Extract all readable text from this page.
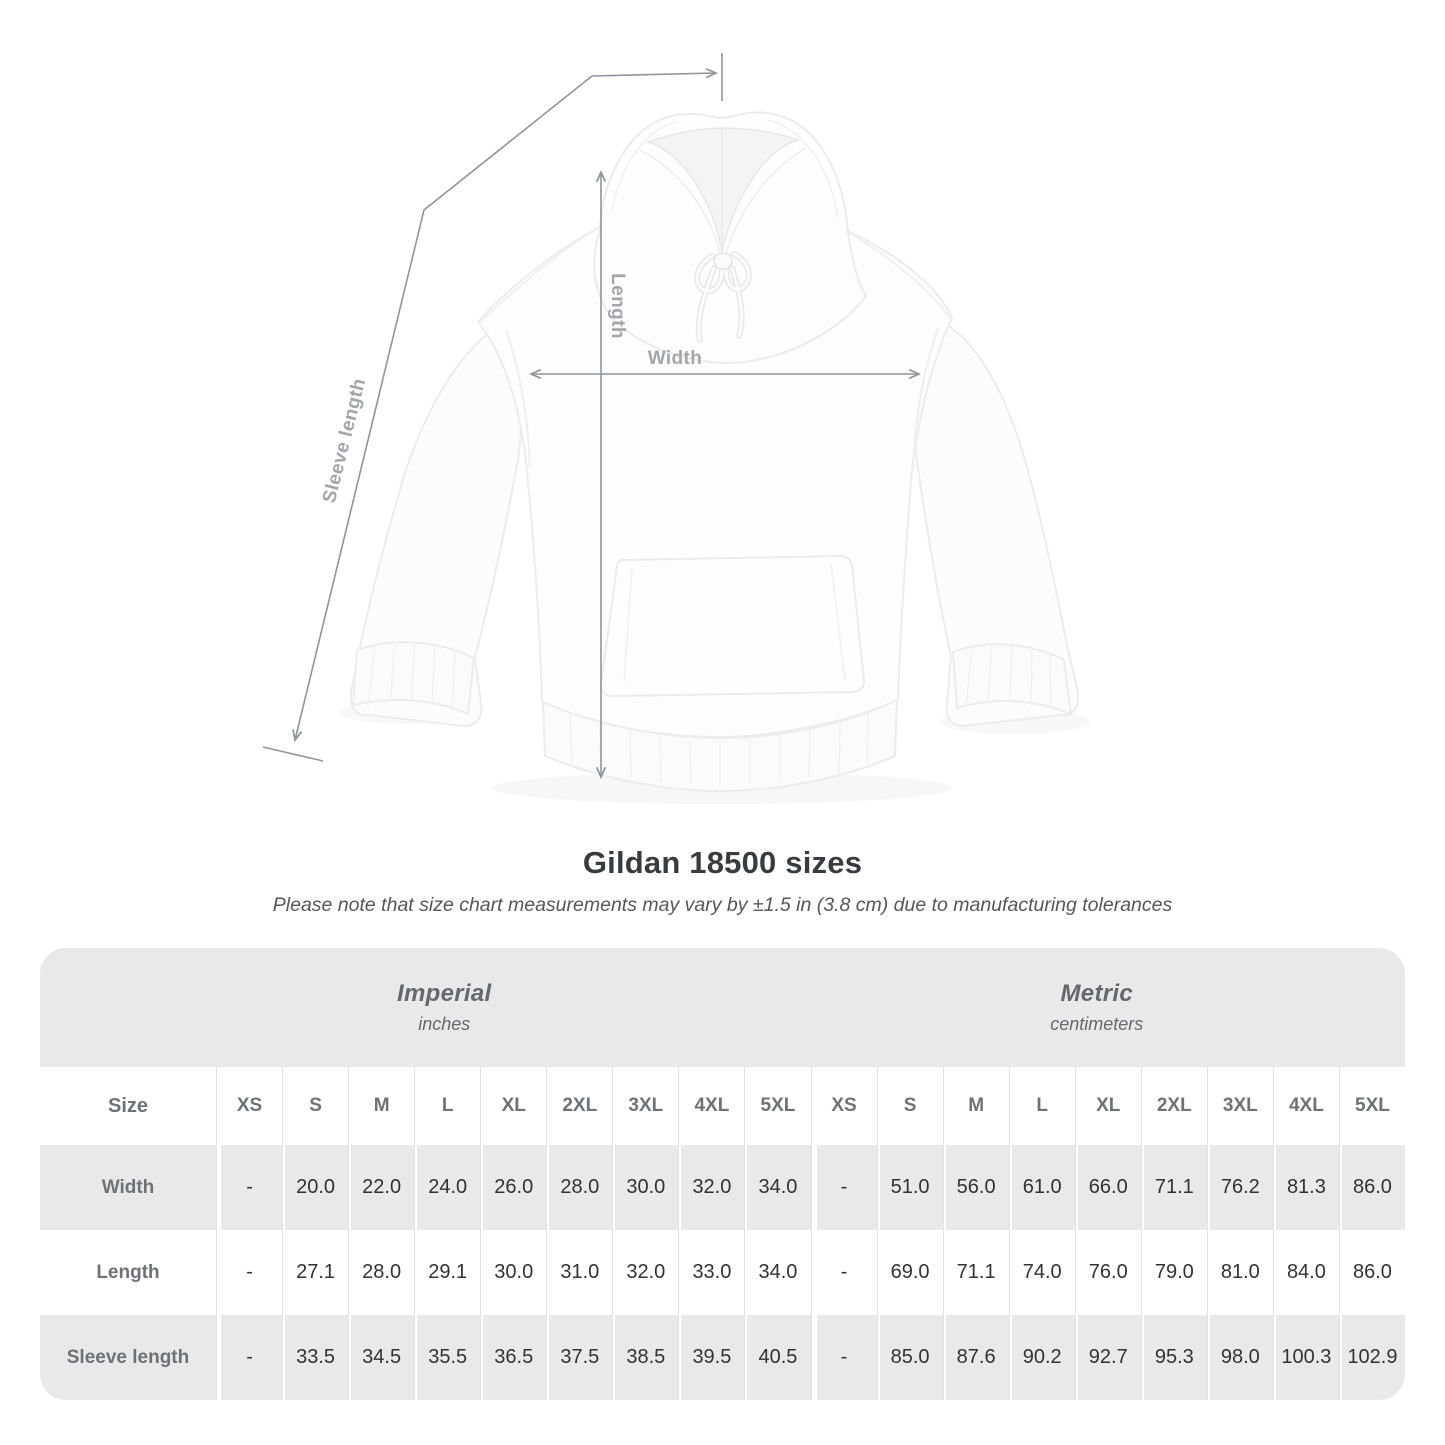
Sleeve length
Length
Width
Gildan 18500 sizes
Please note that size chart measurements may vary by ±1.5 in (3.8 cm) due to manufacturing tolerances
Imperial
inches
Metric
centimeters
Size	XS	S	M	L	XL	2XL	3XL	4XL	5XL	XS	S	M	L	XL	2XL	3XL	4XL	5XL
Width	-	20.0	22.0	24.0	26.0	28.0	30.0	32.0	34.0	-	51.0	56.0	61.0	66.0	71.1	76.2	81.3	86.0
Length	-	27.1	28.0	29.1	30.0	31.0	32.0	33.0	34.0	-	69.0	71.1	74.0	76.0	79.0	81.0	84.0	86.0
Sleeve length	-	33.5	34.5	35.5	36.5	37.5	38.5	39.5	40.5	-	85.0	87.6	90.2	92.7	95.3	98.0	100.3 102.9
